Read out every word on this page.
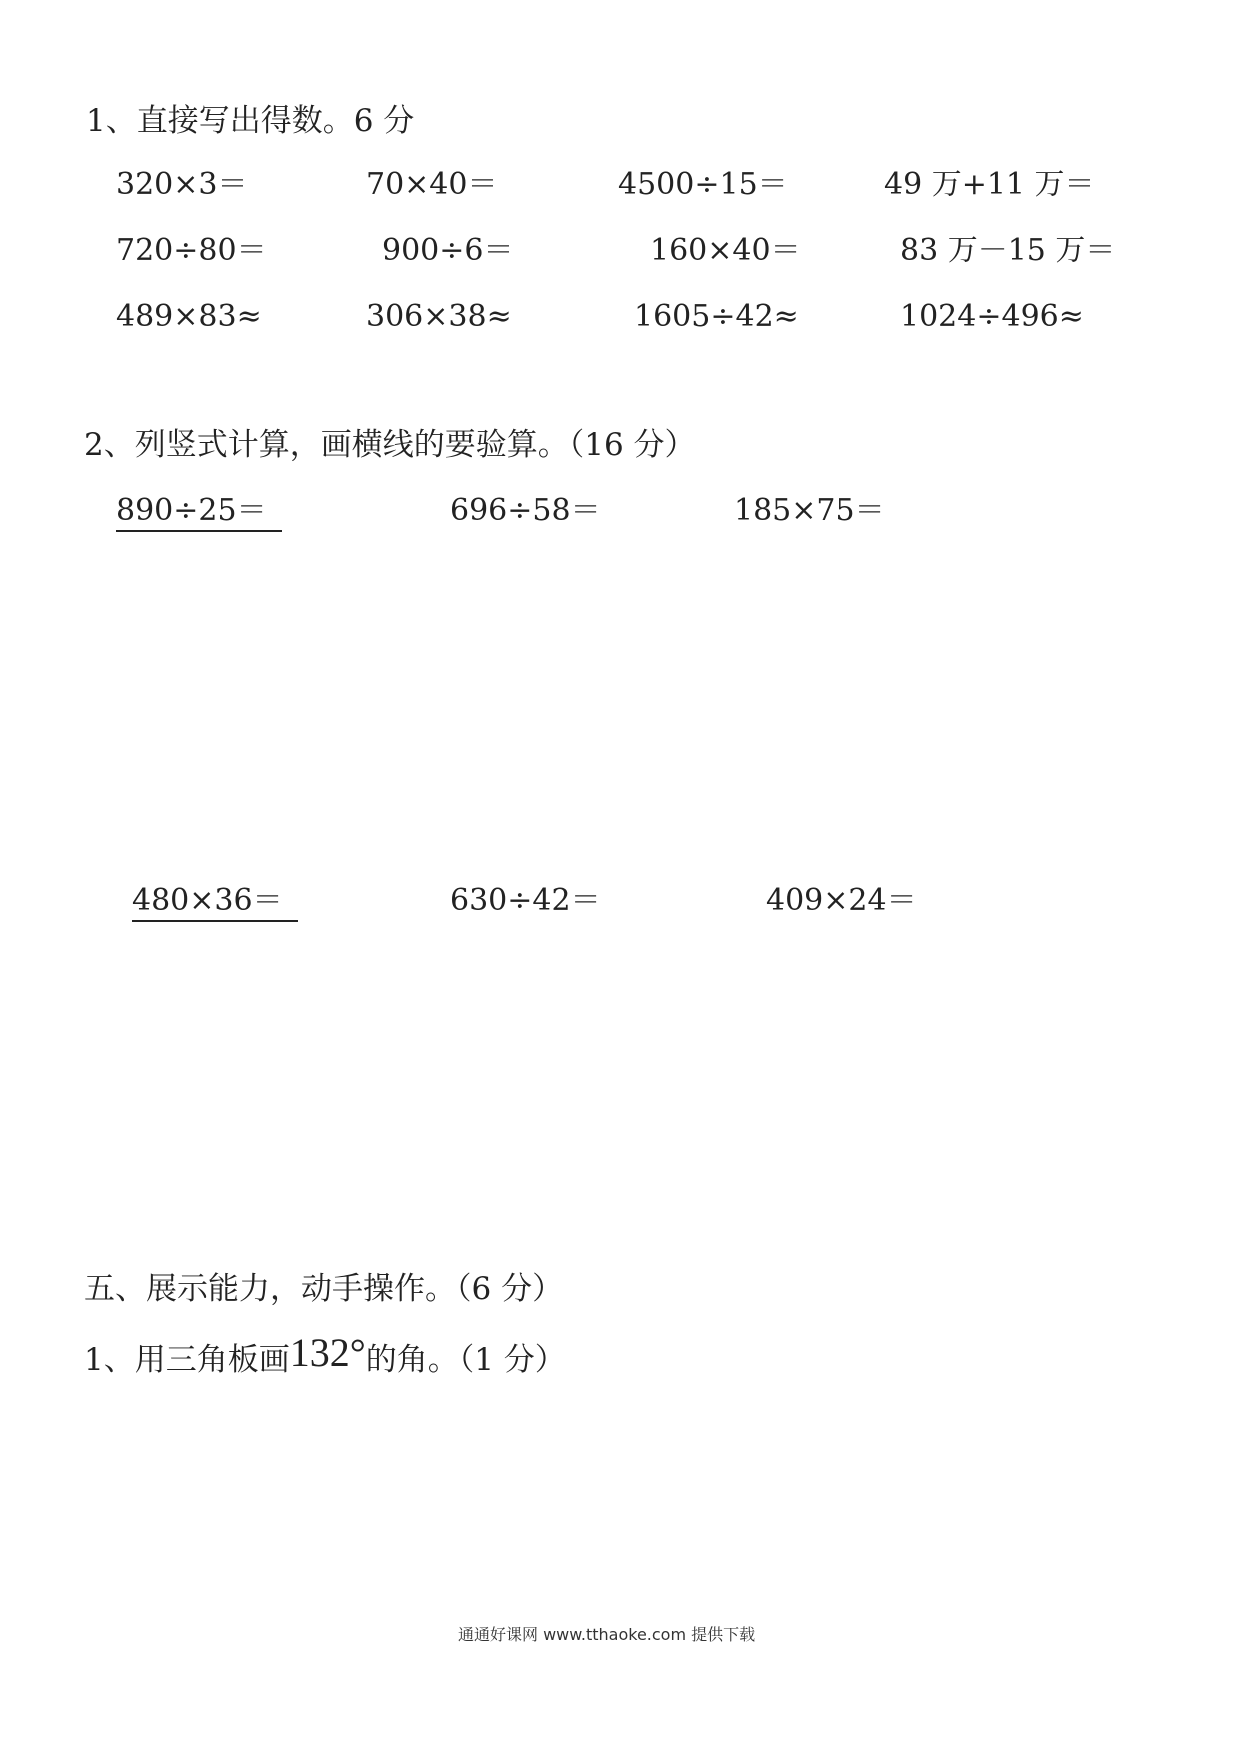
1、直接写出得数。6 分
320×3＝	70×40＝	4500÷15＝	49 万+11 万＝
720÷80＝	900÷6＝	160×40＝	83 万－15 万＝
489×83≈	306×38≈	1605÷42≈	1024÷496≈
2、列竖式计算，画横线的要验算。（16 分）
890÷25＝	696÷58＝	185×75＝
480×36＝	630÷42＝	409×24＝
五、展示能力，动手操作。（6 分）
1、用三角板画132°的角。（1 分）
通通好课网 www.tthaoke.com 提供下载
